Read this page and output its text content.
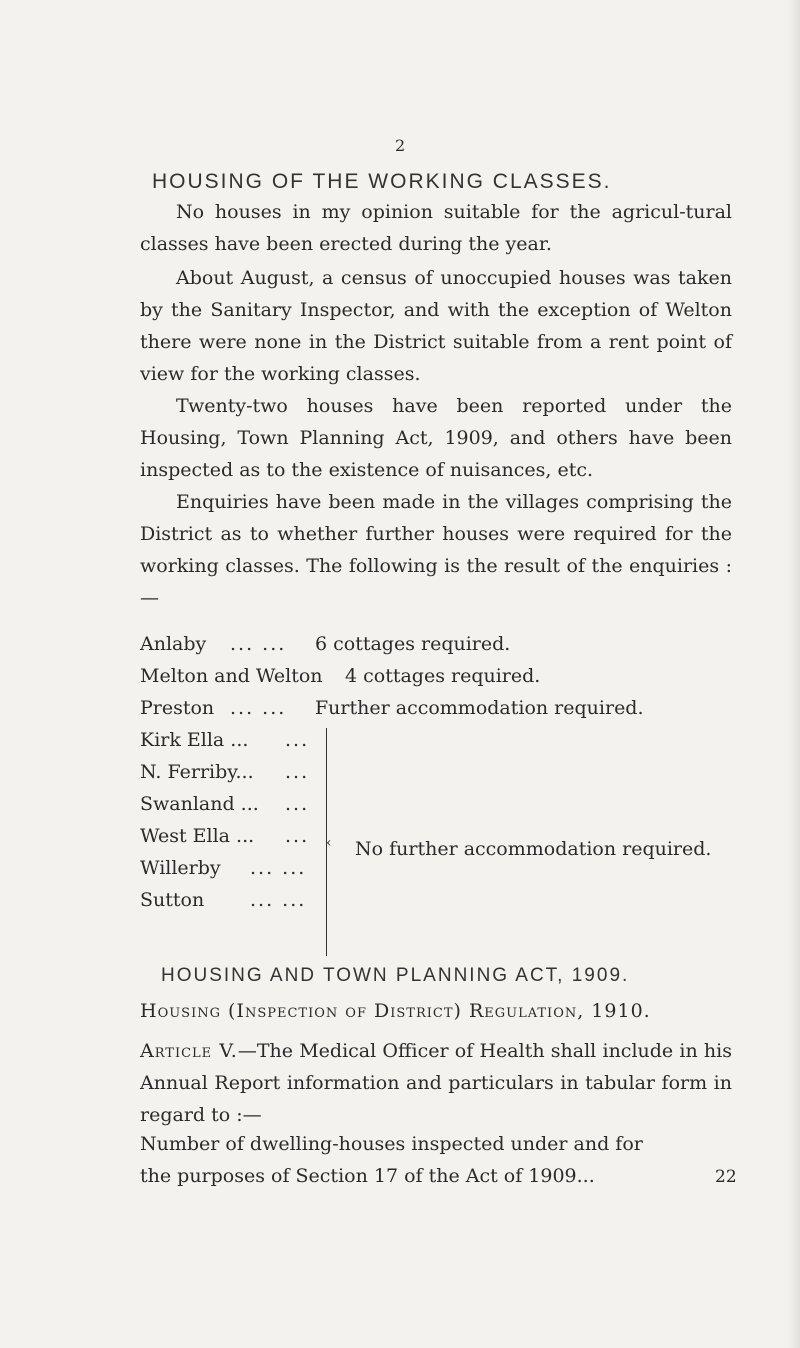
2
HOUSING OF THE WORKING CLASSES.

No houses in my opinion suitable for the agricul-tural classes have been erected during the year.

About August, a census of unoccupied houses was taken by the Sanitary Inspector, and with the exception of Welton there were none in the District suitable from a rent point of view for the working classes.

Twenty-two houses have been reported under the Housing, Town Planning Act, 1909, and others have been inspected as to the existence of nuisances, etc.

Enquiries have been made in the villages comprising the District as to whether further houses were required for the working classes. The following is the result of the enquiries :—

Anlaby ... ... 6 cottages required.
Melton and Welton 4 cottages required.
Preston ... ... Further accommodation required.
Kirk Ella ... ...
N. Ferriby... ...
Swanland ... ...
West Ella ... ...
Willerby ... ...
Sutton ... ...
‹ No further accommodation required.
HOUSING AND TOWN PLANNING ACT, 1909.
Housing (Inspection of District) Regulation, 1910.
Article V.—The Medical Officer of Health shall include in his Annual Report information and particulars in tabular form in regard to :—
Number of dwelling-houses inspected under and for
the purposes of Section 17 of the Act of 1909...	22
